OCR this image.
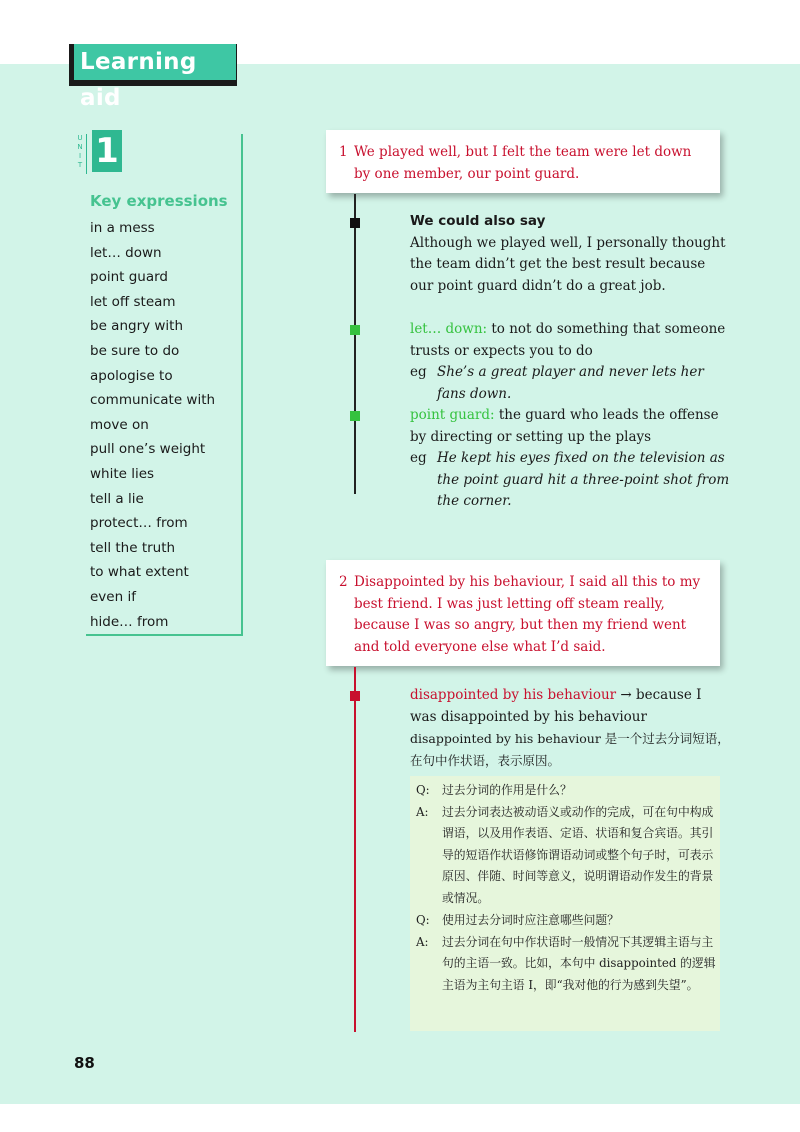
Learning aid
U
N
I
T 1
Key expressions
in a mess
let… down
point guard
let off steam
be angry with
be sure to do
apologise to
communicate with
move on
pull one’s weight
white lies
tell a lie
protect… from
tell the truth
to what extent
even if
hide… from
1 We played well, but I felt the team were let down by one member, our point guard.
We could also say
Although we played well, I personally thought the team didn’t get the best result because our point guard didn’t do a great job.
let… down: to not do something that someone trusts or expects you to do
eg She’s a great player and never lets her fans down.
point guard: the guard who leads the offense by directing or setting up the plays
eg He kept his eyes fixed on the television as the point guard hit a three-point shot from the corner.
2 Disappointed by his behaviour, I said all this to my best friend. I was just letting off steam really, because I was so angry, but then my friend went and told everyone else what I’d said.
disappointed by his behaviour → because I was disappointed by his behaviour
disappointed by his behaviour 是一个过去分词短语，在句中作状语，表示原因。
Q:	过去分词的作用是什么？
A:	过去分词表达被动语义或动作的完成，可在句中构成谓语，以及用作表语、定语、状语和复合宾语。其引导的短语作状语修饰谓语动词或整个句子时，可表示原因、伴随、时间等意义，说明谓语动作发生的背景或情况。
Q:	使用过去分词时应注意哪些问题？
A:	过去分词在句中作状语时一般情况下其逻辑主语与主句的主语一致。比如，本句中 disappointed 的逻辑主语为主句主语 I，即“我对他的行为感到失望”。
88
